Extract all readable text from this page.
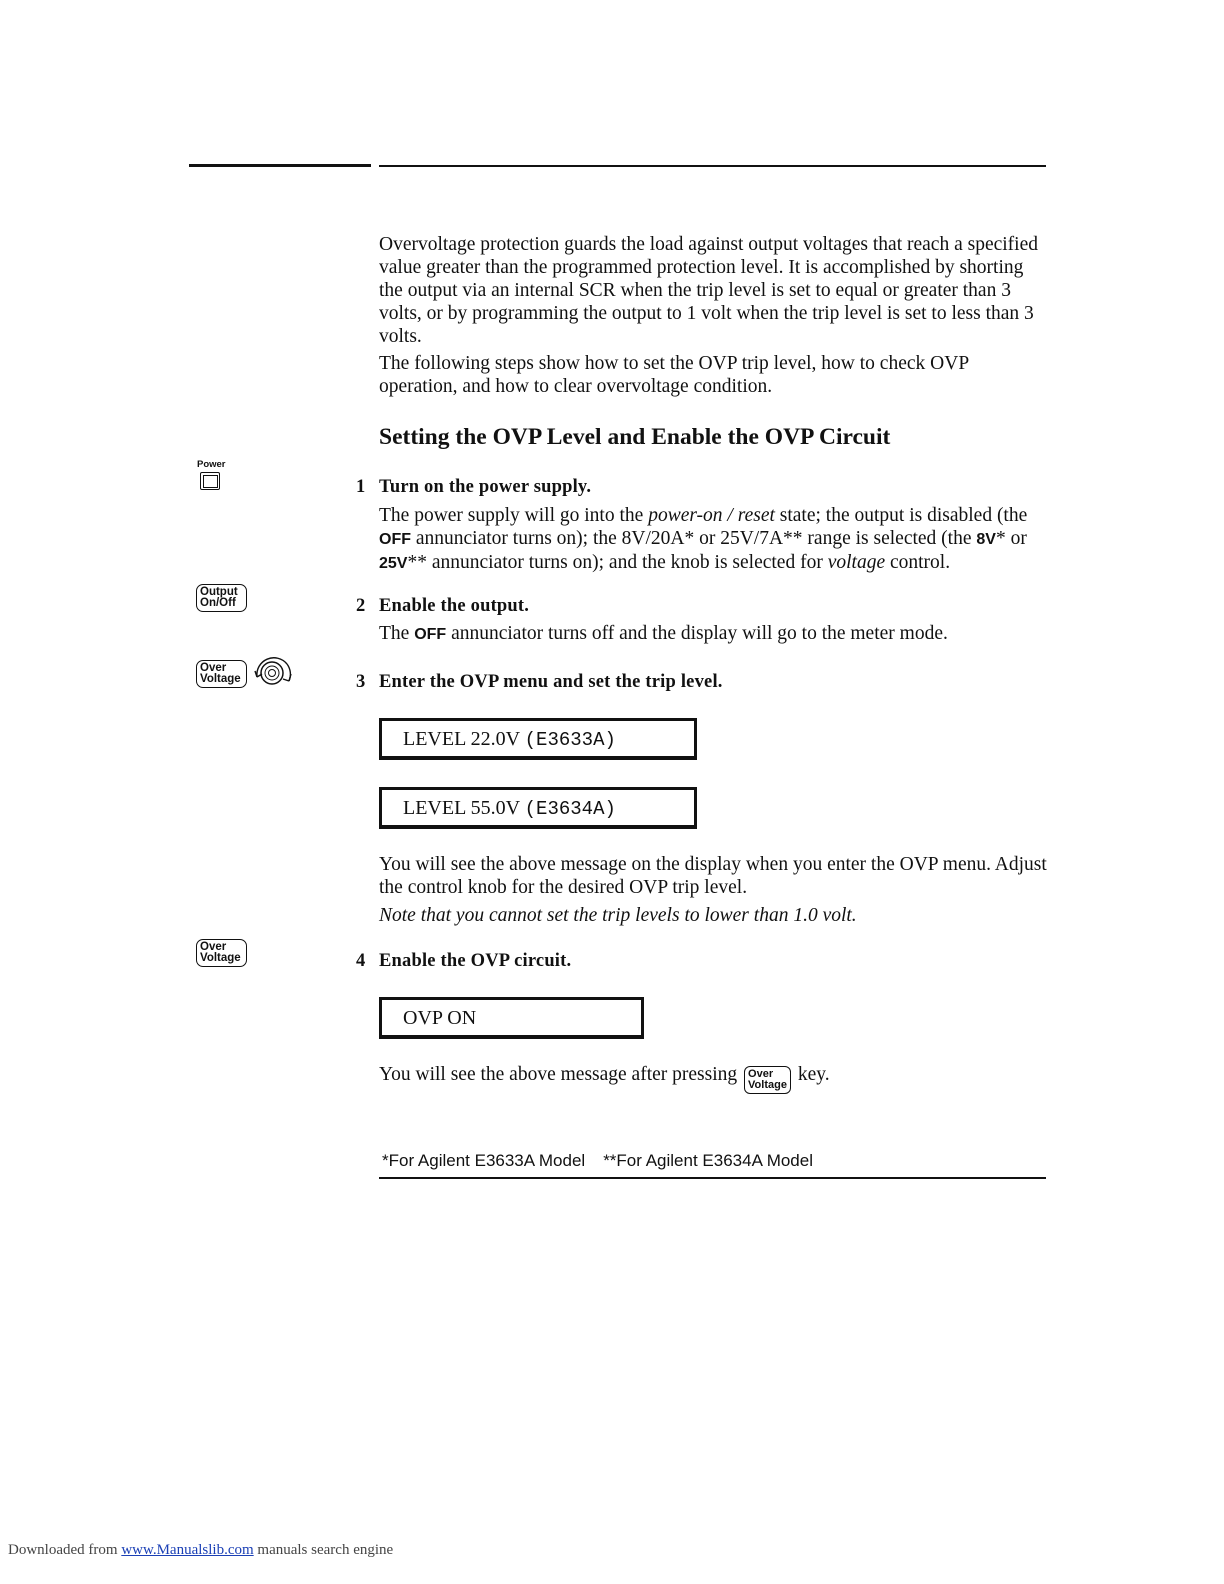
Overvoltage protection guards the load against output voltages that reach a specified value greater than the programmed protection level. It is accomplished by shorting the output via an internal SCR when the trip level is set to equal or greater than 3 volts, or by programming the output to 1 volt when the trip level is set to less than 3 volts.

The following steps show how to set the OVP trip level, how to check OVP operation, and how to clear overvoltage condition.

Setting the OVP Level and Enable the OVP Circuit
Power
1 Turn on the power supply.

The power supply will go into the power-on / reset state; the output is disabled (the OFF annunciator turns on); the 8V/20A* or 25V/7A** range is selected (the 8V* or 25V** annunciator turns on); and the knob is selected for voltage control.

Output
On/Off	2 Enable the output.

The OFF annunciator turns off and the display will go to the meter mode.

Over
Voltage	3 Enter the OVP menu and set the trip level.
LEVEL 22.0V (E3633A)
LEVEL 55.0V (E3634A)

You will see the above message on the display when you enter the OVP menu. Adjust the control knob for the desired OVP trip level.

Note that you cannot set the trip levels to lower than 1.0 volt.

Over
Voltage	4 Enable the OVP circuit.
OVP ON

You will see the above message after pressing Over
Voltage key.

*For Agilent E3633A Model **For Agilent E3634A Model
Downloaded from www.Manualslib.com manuals search engine
